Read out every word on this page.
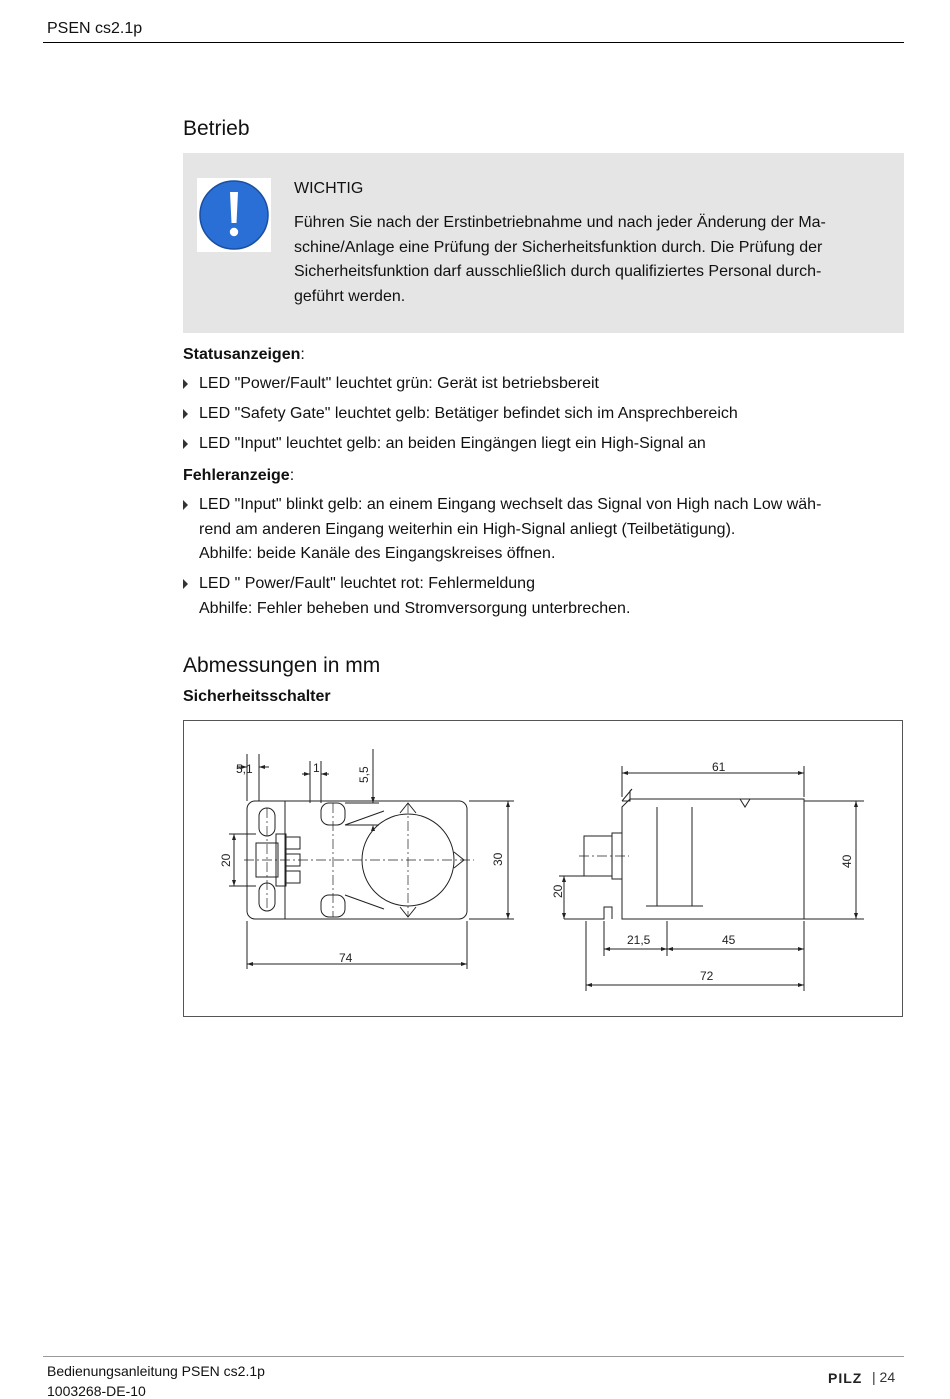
PSEN cs2.1p
Betrieb
WICHTIG
Führen Sie nach der Erstinbetriebnahme und nach jeder Änderung der Ma-
schine/Anlage eine Prüfung der Sicherheitsfunktion durch. Die Prüfung der
Sicherheitsfunktion darf ausschließlich durch qualifiziertes Personal durch-
geführt werden.
Statusanzeigen:
LED "Power/Fault" leuchtet grün: Gerät ist betriebsbereit
LED "Safety Gate" leuchtet gelb: Betätiger befindet sich im Ansprechbereich
LED "Input" leuchtet gelb: an beiden Eingängen liegt ein High-Signal an
Fehleranzeige:
LED "Input" blinkt gelb: an einem Eingang wechselt das Signal von High nach Low wäh-
rend am anderen Eingang weiterhin ein High-Signal anliegt (Teilbetätigung).
Abhilfe: beide Kanäle des Eingangskreises öffnen.
LED " Power/Fault" leuchtet rot: Fehlermeldung
Abhilfe: Fehler beheben und Stromversorgung unterbrechen.
Abmessungen in mm
Sicherheitsschalter
5,1	1	5,5
20	30
74
61
40
20
21,5	45
72
Bedienungsanleitung PSEN cs2.1p
1003268-DE-10
PILZ | 24
